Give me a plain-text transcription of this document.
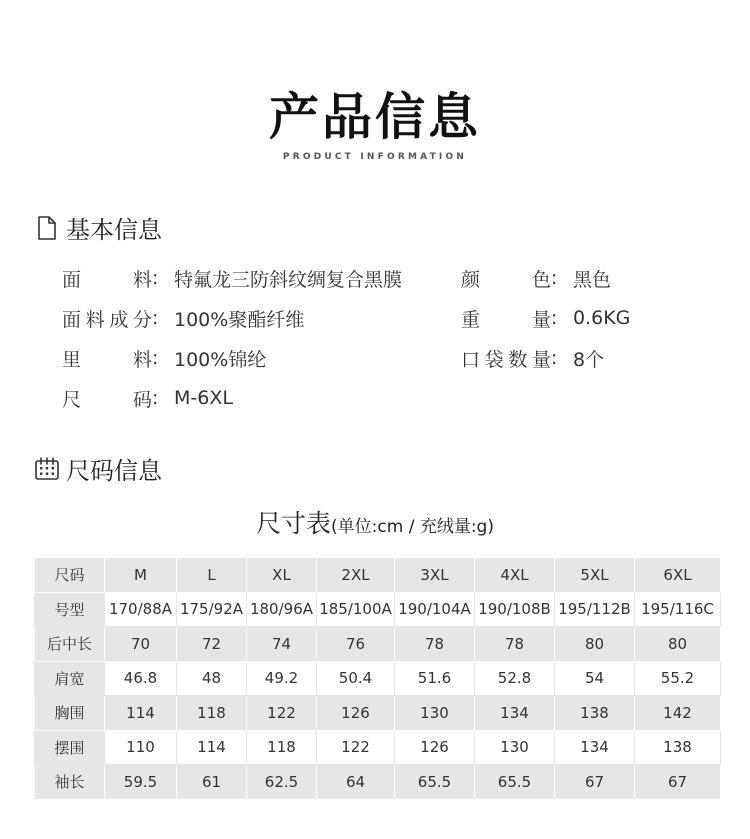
产品信息
PRODUCT INFORMATION
基本信息
面　　料 : 特氟龙三防斜纹绸复合黑膜
面料成分 : 100%聚酯纤维
里　　料 : 100%锦纶
尺　　码 : M-6XL
颜　　色 : 黑色
重　　量 : 0.6KG
口袋数量 : 8个
尺码信息
尺寸表(单位:cm / 充绒量:g)
尺码	M	L	XL	2XL	3XL	4XL	5XL	6XL
号型	170/88A	175/92A	180/96A	185/100A	190/104A	190/108B	195/112B	195/116C
后中长	70	72	74	76	78	78	80	80
肩宽	46.8	48	49.2	50.4	51.6	52.8	54	55.2
胸围	114	118	122	126	130	134	138	142
摆围	110	114	118	122	126	130	134	138
袖长	59.5	61	62.5	64	65.5	65.5	67	67
